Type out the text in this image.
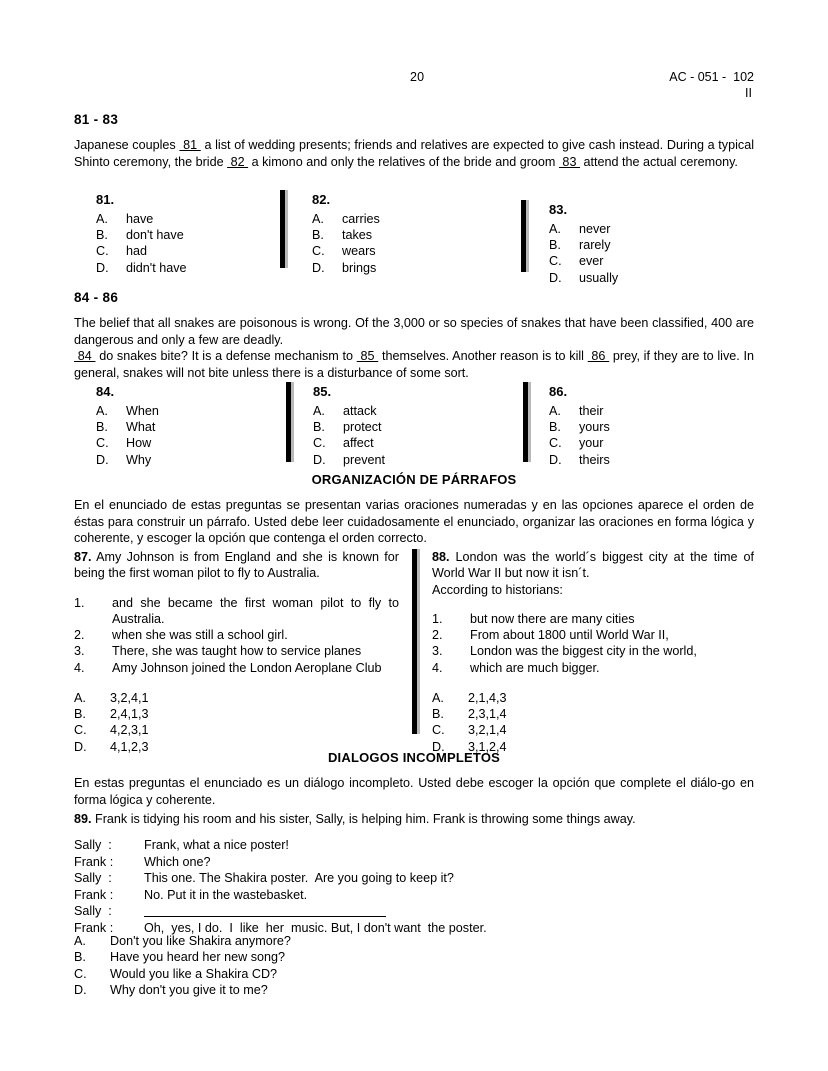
20	AC - 051 -  102
II
81 - 83
Japanese couples  81  a list of wedding presents; friends and relatives are expected to give cash instead. During a typical Shinto ceremony, the bride  82  a kimono and only the relatives of the bride and groom  83  attend the actual ceremony.
81.
A. have
B. don't have
C. had
D. didn't have
82.
A. carries
B. takes
C. wears
D. brings
83.
A. never
B. rarely
C. ever
D. usually
84 - 86
The belief that all snakes are poisonous is wrong. Of the 3,000 or so species of snakes that have been classified, 400 are dangerous and only a few are deadly.
84  do snakes bite? It is a defense mechanism to  85  themselves. Another reason is to kill  86  prey, if they are to live. In general, snakes will not bite unless there is a disturbance of some sort.
84.
A. When
B. What
C. How
D. Why
85.
A. attack
B. protect
C. affect
D. prevent
86.
A. their
B. yours
C. your
D. theirs
ORGANIZACIÓN DE PÁRRAFOS
En el enunciado de estas preguntas se presentan varias oraciones numeradas y en las opciones aparece el orden de éstas para construir un párrafo. Usted debe leer cuidadosamente el enunciado, organizar las oraciones en forma lógica y coherente, y escoger la opción que contenga el orden correcto.
87. Amy Johnson is from England and she is known for being the first woman pilot to fly to Australia.
1.	and she became the first woman pilot to fly to Australia.
2.	when she was still a school girl.
3.	There, she was taught how to service planes
4.	Amy Johnson joined the London Aeroplane Club
A. 3,2,4,1
B. 2,4,1,3
C. 4,2,3,1
D. 4,1,2,3
88. London was the world´s biggest city at the time of World War II but now it isn´t.
According to historians:
1.	but now there are many cities
2.	From about 1800 until World War II,
3.	London was the biggest city in the world,
4.	which are much bigger.
A. 2,1,4,3
B. 2,3,1,4
C. 3,2,1,4
D. 3,1,2,4
DIALOGOS INCOMPLETOS
En estas preguntas el enunciado es un diálogo incompleto. Usted debe escoger la opción que complete el diálo-go en forma lógica y coherente.
89. Frank is tidying his room and his sister, Sally, is helping him. Frank is throwing some things away.
Sally  :	Frank, what a nice poster!
Frank :	Which one?
Sally  :	This one. The Shakira poster.  Are you going to keep it?
Frank :	No. Put it in the wastebasket.
Sally  :
Frank :	Oh,  yes, I do.  I  like  her  music. But, I don't want  the poster.
A. Don't you like Shakira anymore?
B. Have you heard her new song?
C. Would you like a Shakira CD?
D. Why don't you give it to me?
